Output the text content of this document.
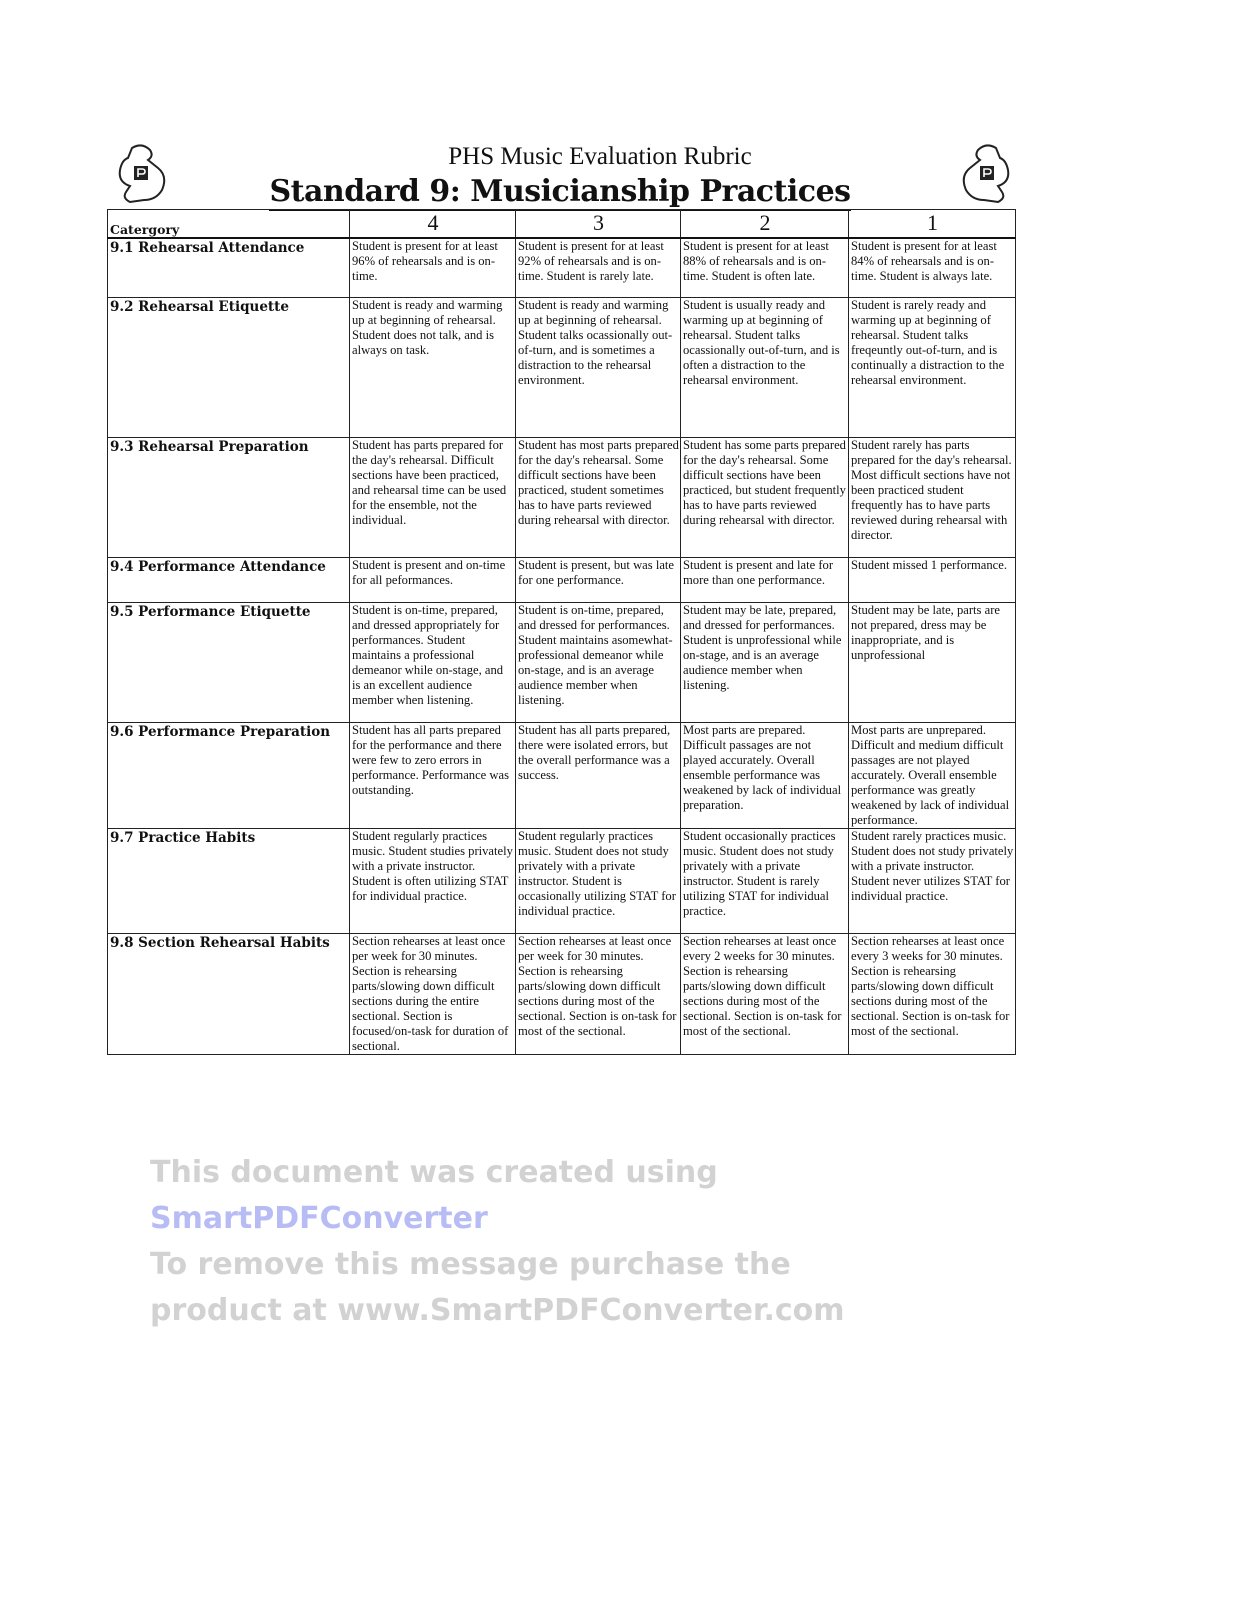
PHS Music Evaluation Rubric
Standard 9: Musicianship Practices
Catergory	4	3	2	1
9.1 Rehearsal Attendance	Student is present for at least 96% of rehearsals and is on-time.	Student is present for at least 92% of rehearsals and is on-time. Student is rarely late.	Student is present for at least 88% of rehearsals and is on-time. Student is often late.	Student is present for at least 84% of rehearsals and is on-time. Student is always late.
9.2 Rehearsal Etiquette	Student is ready and warming up at beginning of rehearsal. Student does not talk, and is always on task.	Student is ready and warming up at beginning of rehearsal. Student talks ocassionally out-of-turn, and is sometimes a distraction to the rehearsal environment.	Student is usually ready and warming up at beginning of rehearsal. Student talks ocassionally out-of-turn, and is often a distraction to the rehearsal environment.	Student is rarely ready and warming up at beginning of rehearsal. Student talks freqeuntly out-of-turn, and is continually a distraction to the rehearsal environment.
9.3 Rehearsal Preparation	Student has parts prepared for the day's rehearsal. Difficult sections have been practiced, and rehearsal time can be used for the ensemble, not the individual.	Student has most parts prepared for the day's rehearsal. Some difficult sections have been practiced, student sometimes has to have parts reviewed during rehearsal with director.	Student has some parts prepared for the day's rehearsal. Some difficult sections have been practiced, but student frequently has to have parts reviewed during rehearsal with director.	Student rarely has parts prepared for the day's rehearsal. Most difficult sections have not been practiced student frequently has to have parts reviewed during rehearsal with director.
9.4 Performance Attendance	Student is present and on-time for all peformances.	Student is present, but was late for one performance.	Student is present and late for more than one performance.	Student missed 1 performance.
9.5 Performance Etiquette	Student is on-time, prepared, and dressed appropriately for performances. Student maintains a professional demeanor while on-stage, and is an excellent audience member when listening.	Student is on-time, prepared, and dressed for performances. Student maintains asomewhat-professional demeanor while on-stage, and is an average audience member when listening.	Student may be late, prepared, and dressed for performances. Student is unprofessional while on-stage, and is an average audience member when listening.	Student may be late, parts are not prepared, dress may be inappropriate, and is unprofessional
9.6 Performance Preparation	Student has all parts prepared for the performance and there were few to zero errors in performance. Performance was outstanding.	Student has all parts prepared, there were isolated errors, but the overall performance was a success.	Most parts are prepared. Difficult passages are not played accurately. Overall ensemble performance was weakened by lack of individual preparation.	Most parts are unprepared. Difficult and medium difficult passages are not played accurately. Overall ensemble performance was greatly weakened by lack of individual performance.
9.7 Practice Habits	Student regularly practices music. Student studies privately with a private instructor. Student is often utilizing STAT for individual practice.	Student regularly practices music. Student does not study privately with a private instructor. Student is occasionally utilizing STAT for individual practice.	Student occasionally practices music. Student does not study privately with a private instructor. Student is rarely utilizing STAT for individual practice.	Student rarely practices music. Student does not study privately with a private instructor. Student never utilizes STAT for individual practice.
9.8 Section Rehearsal Habits	Section rehearses at least once per week for 30 minutes. Section is rehearsing parts/slowing down difficult sections during the entire sectional. Section is focused/on-task for duration of sectional.	Section rehearses at least once per week for 30 minutes. Section is rehearsing parts/slowing down difficult sections during most of the sectional. Section is on-task for most of the sectional.	Section rehearses at least once every 2 weeks for 30 minutes. Section is rehearsing parts/slowing down difficult sections during most of the sectional. Section is on-task for most of the sectional.	Section rehearses at least once every 3 weeks for 30 minutes. Section is rehearsing parts/slowing down difficult sections during most of the sectional. Section is on-task for most of the sectional.
This document was created using
SmartPDFConverter
To remove this message purchase the
product at www.SmartPDFConverter.com
